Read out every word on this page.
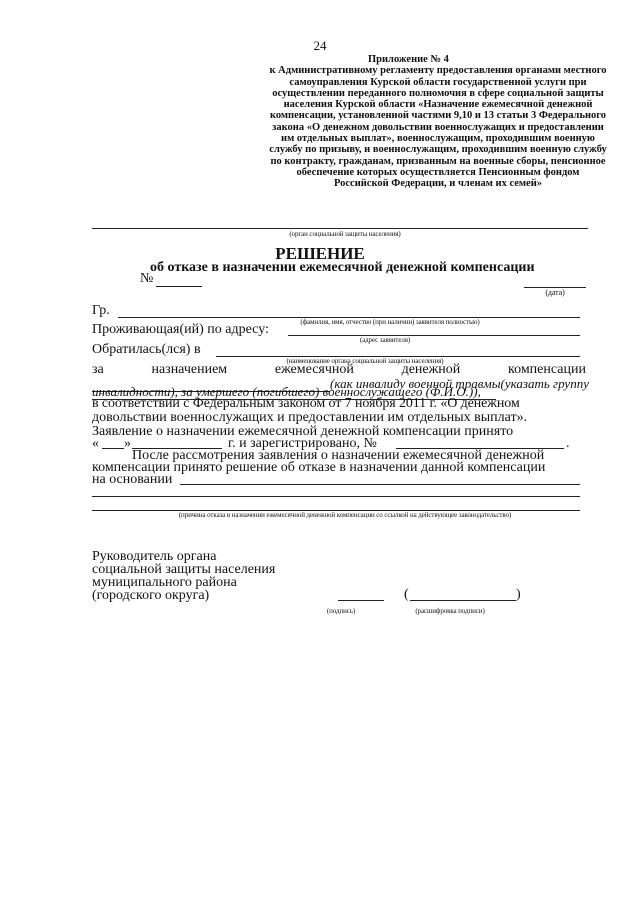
24
Приложение № 4
к Административному регламенту предоставления органами местного самоуправления Курской области государственной услуги при осуществлении переданного полномочия в сфере социальной защиты населения Курской области «Назначение ежемесячной денежной компенсации, установленной частями 9,10 и 13 статьи 3 Федерального закона «О денежном довольствии военнослужащих и предоставлении им отдельных выплат», военнослужащим, проходившим военную службу по призыву, и военнослужащим, проходившим военную службу по контракту, гражданам, призванным на военные сборы, пенсионное обеспечение которых осуществляется Пенсионным фондом Российской Федерации, и членам их семей»
(орган социальной защиты населения)
РЕШЕНИЕ
об отказе в назначении ежемесячной денежной компенсации
№
(дата)
Гр.
(фамилия, имя, отчество (при наличии) заявителя полностью)
Проживающая(ий) по адресу:
(адрес заявителя)
Обратилась(лся) в
(наименование органа социальной защиты населения)
за	назначением	ежемесячной	денежной	компенсации
(как инвалиду военной травмы(указать группу
инвалидности), за умершего (погибшего) военнослужащего (Ф.И.О.)),
в соответствии с Федеральным законом от 7 ноября 2011 г. «О денежном
довольствии военнослужащих и предоставлении им отдельных выплат».
Заявление о назначении ежемесячной денежной компенсации принято
« »	г. и зарегистрировано, №	.
После рассмотрения заявления о назначении ежемесячной денежной
компенсации принято решение об отказе в назначении данной компенсации
на основании
(причина отказа в назначении ежемесячной денежной компенсации со ссылкой на действующее законодательство)
Руководитель органа
социальной защиты населения
муниципального района
(городского округа)	(	)
(подпись)	(расшифровка подписи)
